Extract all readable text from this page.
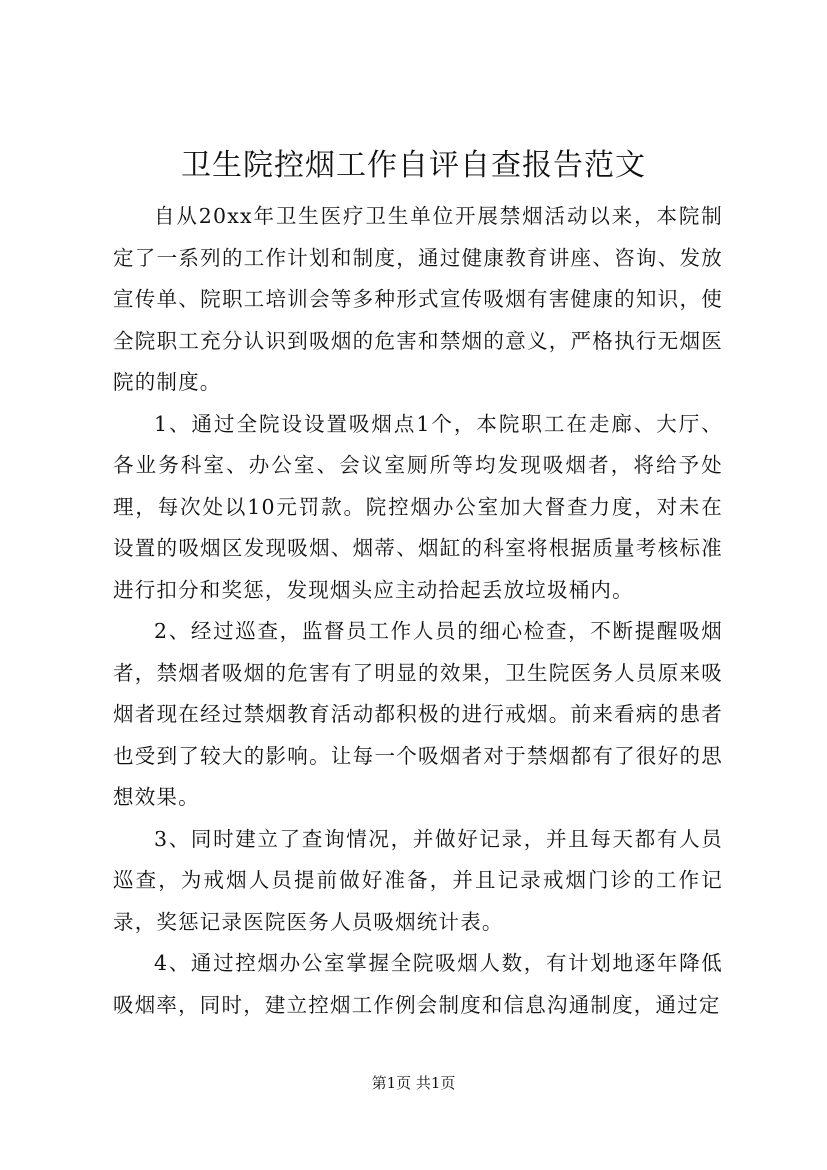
卫生院控烟工作自评自查报告范文

自从20xx年卫生医疗卫生单位开展禁烟活动以来，本院制定了一系列的工作计划和制度，通过健康教育讲座、咨询、发放宣传单、院职工培训会等多种形式宣传吸烟有害健康的知识，使全院职工充分认识到吸烟的危害和禁烟的意义，严格执行无烟医院的制度。

1、通过全院设设置吸烟点1个，本院职工在走廊、大厅、各业务科室、办公室、会议室厕所等均发现吸烟者，将给予处理，每次处以10元罚款。院控烟办公室加大督查力度，对未在设置的吸烟区发现吸烟、烟蒂、烟缸的科室将根据质量考核标准进行扣分和奖惩，发现烟头应主动拾起丢放垃圾桶内。

2、经过巡查，监督员工作人员的细心检查，不断提醒吸烟者，禁烟者吸烟的危害有了明显的效果，卫生院医务人员原来吸烟者现在经过禁烟教育活动都积极的进行戒烟。前来看病的患者也受到了较大的影响。让每一个吸烟者对于禁烟都有了很好的思想效果。

3、同时建立了查询情况，并做好记录，并且每天都有人员巡查，为戒烟人员提前做好准备，并且记录戒烟门诊的工作记录，奖惩记录医院医务人员吸烟统计表。

4、通过控烟办公室掌握全院吸烟人数，有计划地逐年降低吸烟率，同时，建立控烟工作例会制度和信息沟通制度，通过定

第1页 共1页
